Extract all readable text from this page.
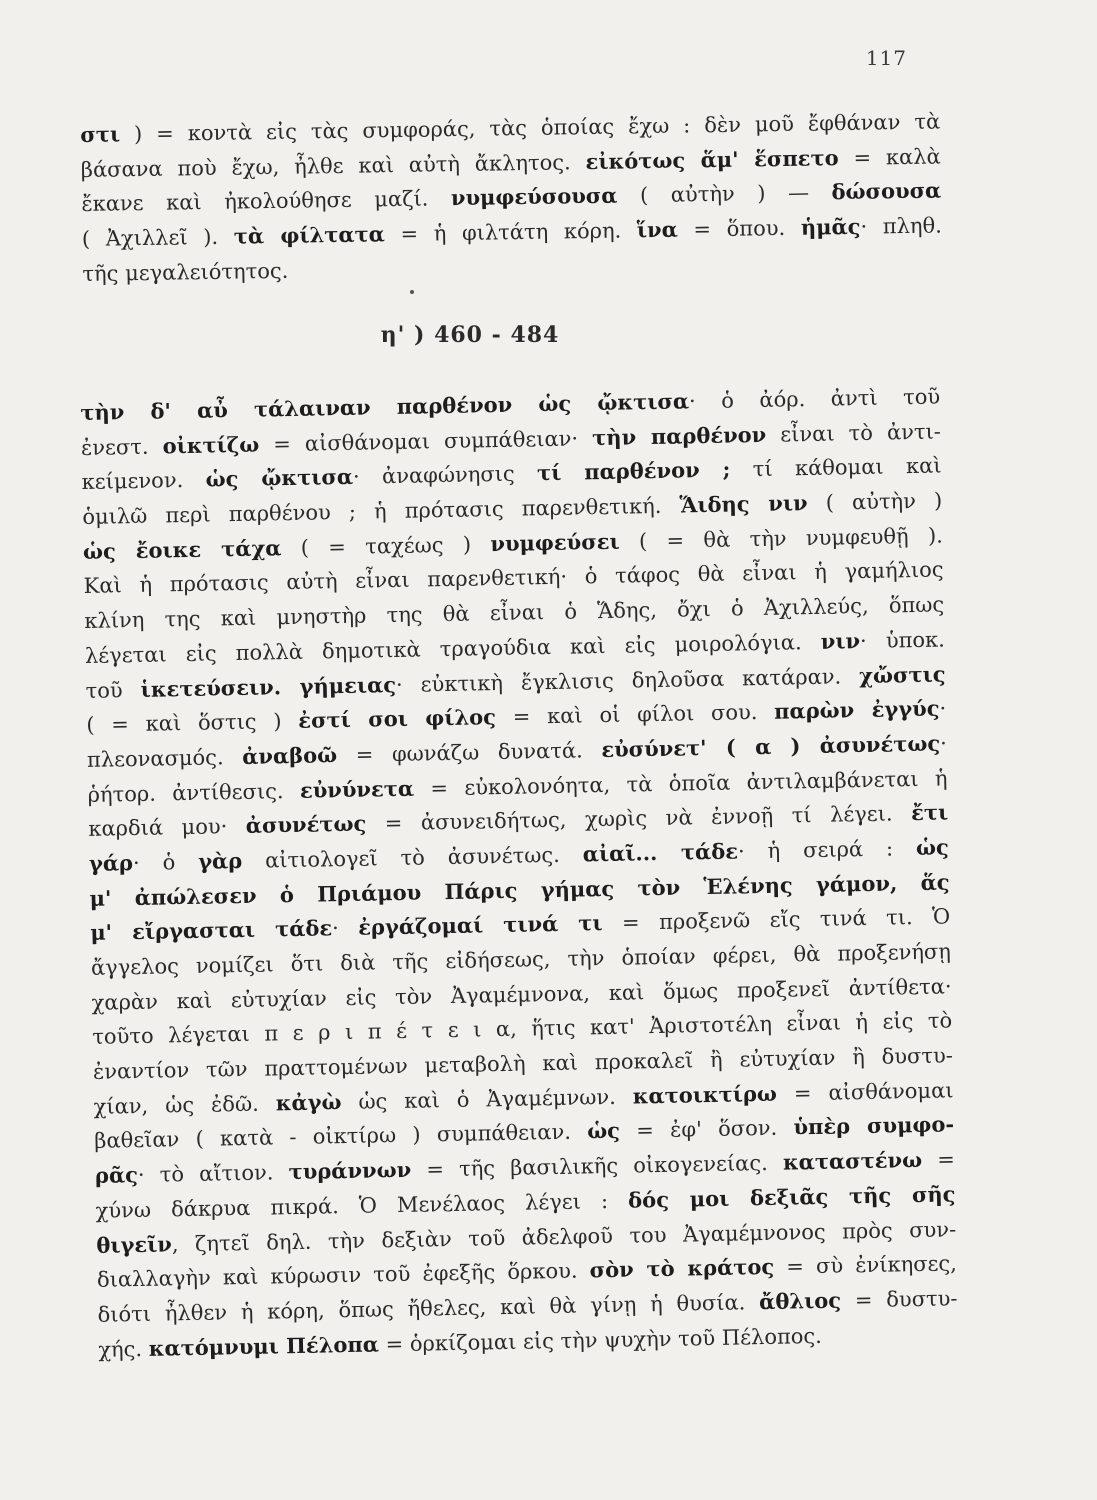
117
στι ) = κοντὰ εἰς τὰς συμφοράς, τὰς ὁποίας ἔχω : δὲν μοῦ ἔφθάναν τὰ
βάσανα ποὺ ἔχω, ἦλθε καὶ αὐτὴ ἄκλητος. εἰκότως ἅμ' ἕσπετο = καλὰ
ἔκανε καὶ ἠκολούθησε μαζί. νυμφεύσουσα ( αὐτὴν ) — δώσουσα
( Ἀχιλλεῖ ). τὰ φίλτατα = ἡ φιλτάτη κόρη. ἵνα = ὅπου. ἡμᾶς· πληθ.
τῆς μεγαλειότητος.
η' ) 460 - 484
τὴν δ' αὖ τάλαιναν παρθένον ὡς ᾤκτισα· ὁ ἀόρ. ἀντὶ τοῦ
ἐνεστ. οἰκτίζω = αἰσθάνομαι συμπάθειαν· τὴν παρθένον εἶναι τὸ ἀντι-
κείμενον. ὡς ᾤκτισα· ἀναφώνησις τί παρθένον ; τί κάθομαι καὶ
ὁμιλῶ περὶ παρθένου ; ἡ πρότασις παρενθετική. Ἅιδης νιν ( αὐτὴν )
ὡς ἔοικε τάχα ( = ταχέως ) νυμφεύσει ( = θὰ τὴν νυμφευθῇ ).
Καὶ ἡ πρότασις αὐτὴ εἶναι παρενθετική· ὁ τάφος θὰ εἶναι ἡ γαμήλιος
κλίνη της καὶ μνηστὴρ της θὰ εἶναι ὁ Ἅδης, ὄχι ὁ Ἀχιλλεύς, ὅπως
λέγεται εἰς πολλὰ δημοτικὰ τραγούδια καὶ εἰς μοιρολόγια. νιν· ὑποκ.
τοῦ ἱκετεύσειν. γήμειας· εὐκτικὴ ἔγκλισις δηλοῦσα κατάραν. χὤστις
( = καὶ ὅστις ) ἐστί σοι φίλος = καὶ οἱ φίλοι σου. παρὼν ἐγγύς·
πλεονασμός. ἀναβοῶ = φωνάζω δυνατά. εὐσύνετ' ( α ) ἀσυνέτως·
ῥήτορ. ἀντίθεσις. εὐνύνετα = εὐκολονόητα, τὰ ὁποῖα ἀντιλαμβάνεται ἡ
καρδιά μου· ἀσυνέτως = ἀσυνειδήτως, χωρὶς νὰ ἐννοῇ τί λέγει. ἔτι
γάρ· ὁ γὰρ αἰτιολογεῖ τὸ ἀσυνέτως. αἰαῖ... τάδε· ἡ σειρά : ὡς
μ' ἀπώλεσεν ὁ Πριάμου Πάρις γήμας τὸν Ἑλένης γάμον, ἅς
μ' εἴργασται τάδε· ἐργάζομαί τινά τι = προξενῶ εἴς τινά τι. Ὁ
ἄγγελος νομίζει ὅτι διὰ τῆς εἰδήσεως, τὴν ὁποίαν φέρει, θὰ προξενήσῃ
χαρὰν καὶ εὐτυχίαν εἰς τὸν Ἀγαμέμνονα, καὶ ὅμως προξενεῖ ἀντίθετα·
τοῦτο λέγεται π ε ρ ι π έ τ ε ι α, ἥτις κατ' Ἀριστοτέλη εἶναι ἡ εἰς τὸ
ἐναντίον τῶν πραττομένων μεταβολὴ καὶ προκαλεῖ ἢ εὐτυχίαν ἢ δυστυ-
χίαν, ὡς ἐδῶ. κἀγὼ ὡς καὶ ὁ Ἀγαμέμνων. κατοικτίρω = αἰσθάνομαι
βαθεῖαν ( κατὰ - οἰκτίρω ) συμπάθειαν. ὡς = ἐφ' ὅσον. ὑπὲρ συμφο-
ρᾶς· τὸ αἴτιον. τυράννων = τῆς βασιλικῆς οἰκογενείας. καταστένω =
χύνω δάκρυα πικρά. Ὁ Μενέλαος λέγει : δός μοι δεξιᾶς τῆς σῆς
θιγεῖν, ζητεῖ δηλ. τὴν δεξιὰν τοῦ ἀδελφοῦ του Ἀγαμέμνονος πρὸς συν-
διαλλαγὴν καὶ κύρωσιν τοῦ ἐφεξῆς ὅρκου. σὸν τὸ κράτος = σὺ ἐνίκησες,
διότι ἦλθεν ἡ κόρη, ὅπως ἤθελες, καὶ θὰ γίνῃ ἡ θυσία. ἄθλιος = δυστυ-
χής. κατόμνυμι Πέλοπα = ὁρκίζομαι εἰς τὴν ψυχὴν τοῦ Πέλοπος.
